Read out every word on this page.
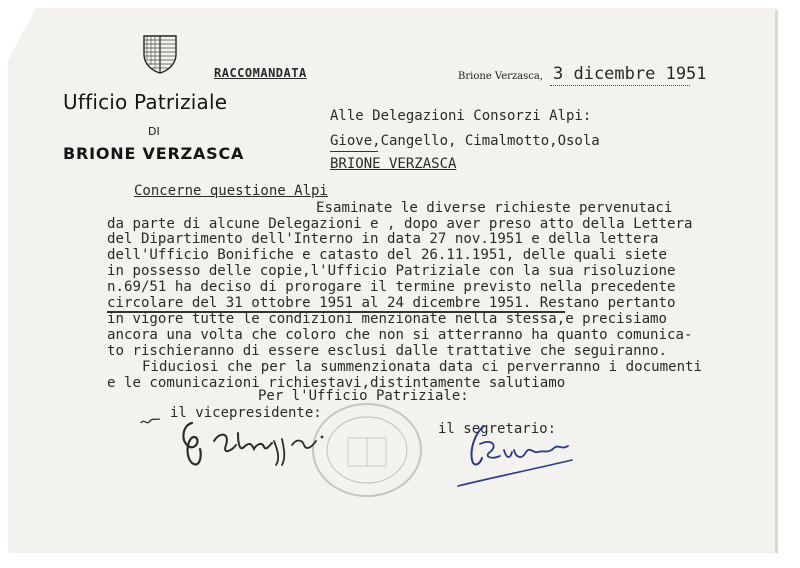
Ufficio Patriziale
DI
BRIONE VERZASCA
RACCOMANDATA	Brione Verzasca, 3 dicembre 1951
Alle Delegazioni Consorzi Alpi:
Giove,Cangello, Cimalmotto,Osola
BRIONE VERZASCA
Concerne questione Alpi
Esaminate le diverse richieste pervenutaci
da parte di alcune Delegazioni e , dopo aver preso atto della Lettera
del Dipartimento dell'Interno in data 27 nov.1951 e della lettera
dell'Ufficio Bonifiche e catasto del 26.11.1951, delle quali siete
in possesso delle copie,l'Ufficio Patriziale con la sua risoluzione
n.69/51 ha deciso di prorogare il termine previsto nella precedente
circolare del 31 ottobre 1951 al 24 dicembre 1951. Restano pertanto
in vigore tutte le condizioni menzionate nella stessa,e precisiamo
ancora una volta che coloro che non si atterranno ha quanto comunica-
to rischieranno di essere esclusi dalle trattative che seguiranno.
Fiduciosi che per la summenzionata data ci perverranno i documenti
e le comunicazioni richiestavi,distintamente salutiamo
Per l'Ufficio Patriziale:
il vicepresidente:
il segretario:
